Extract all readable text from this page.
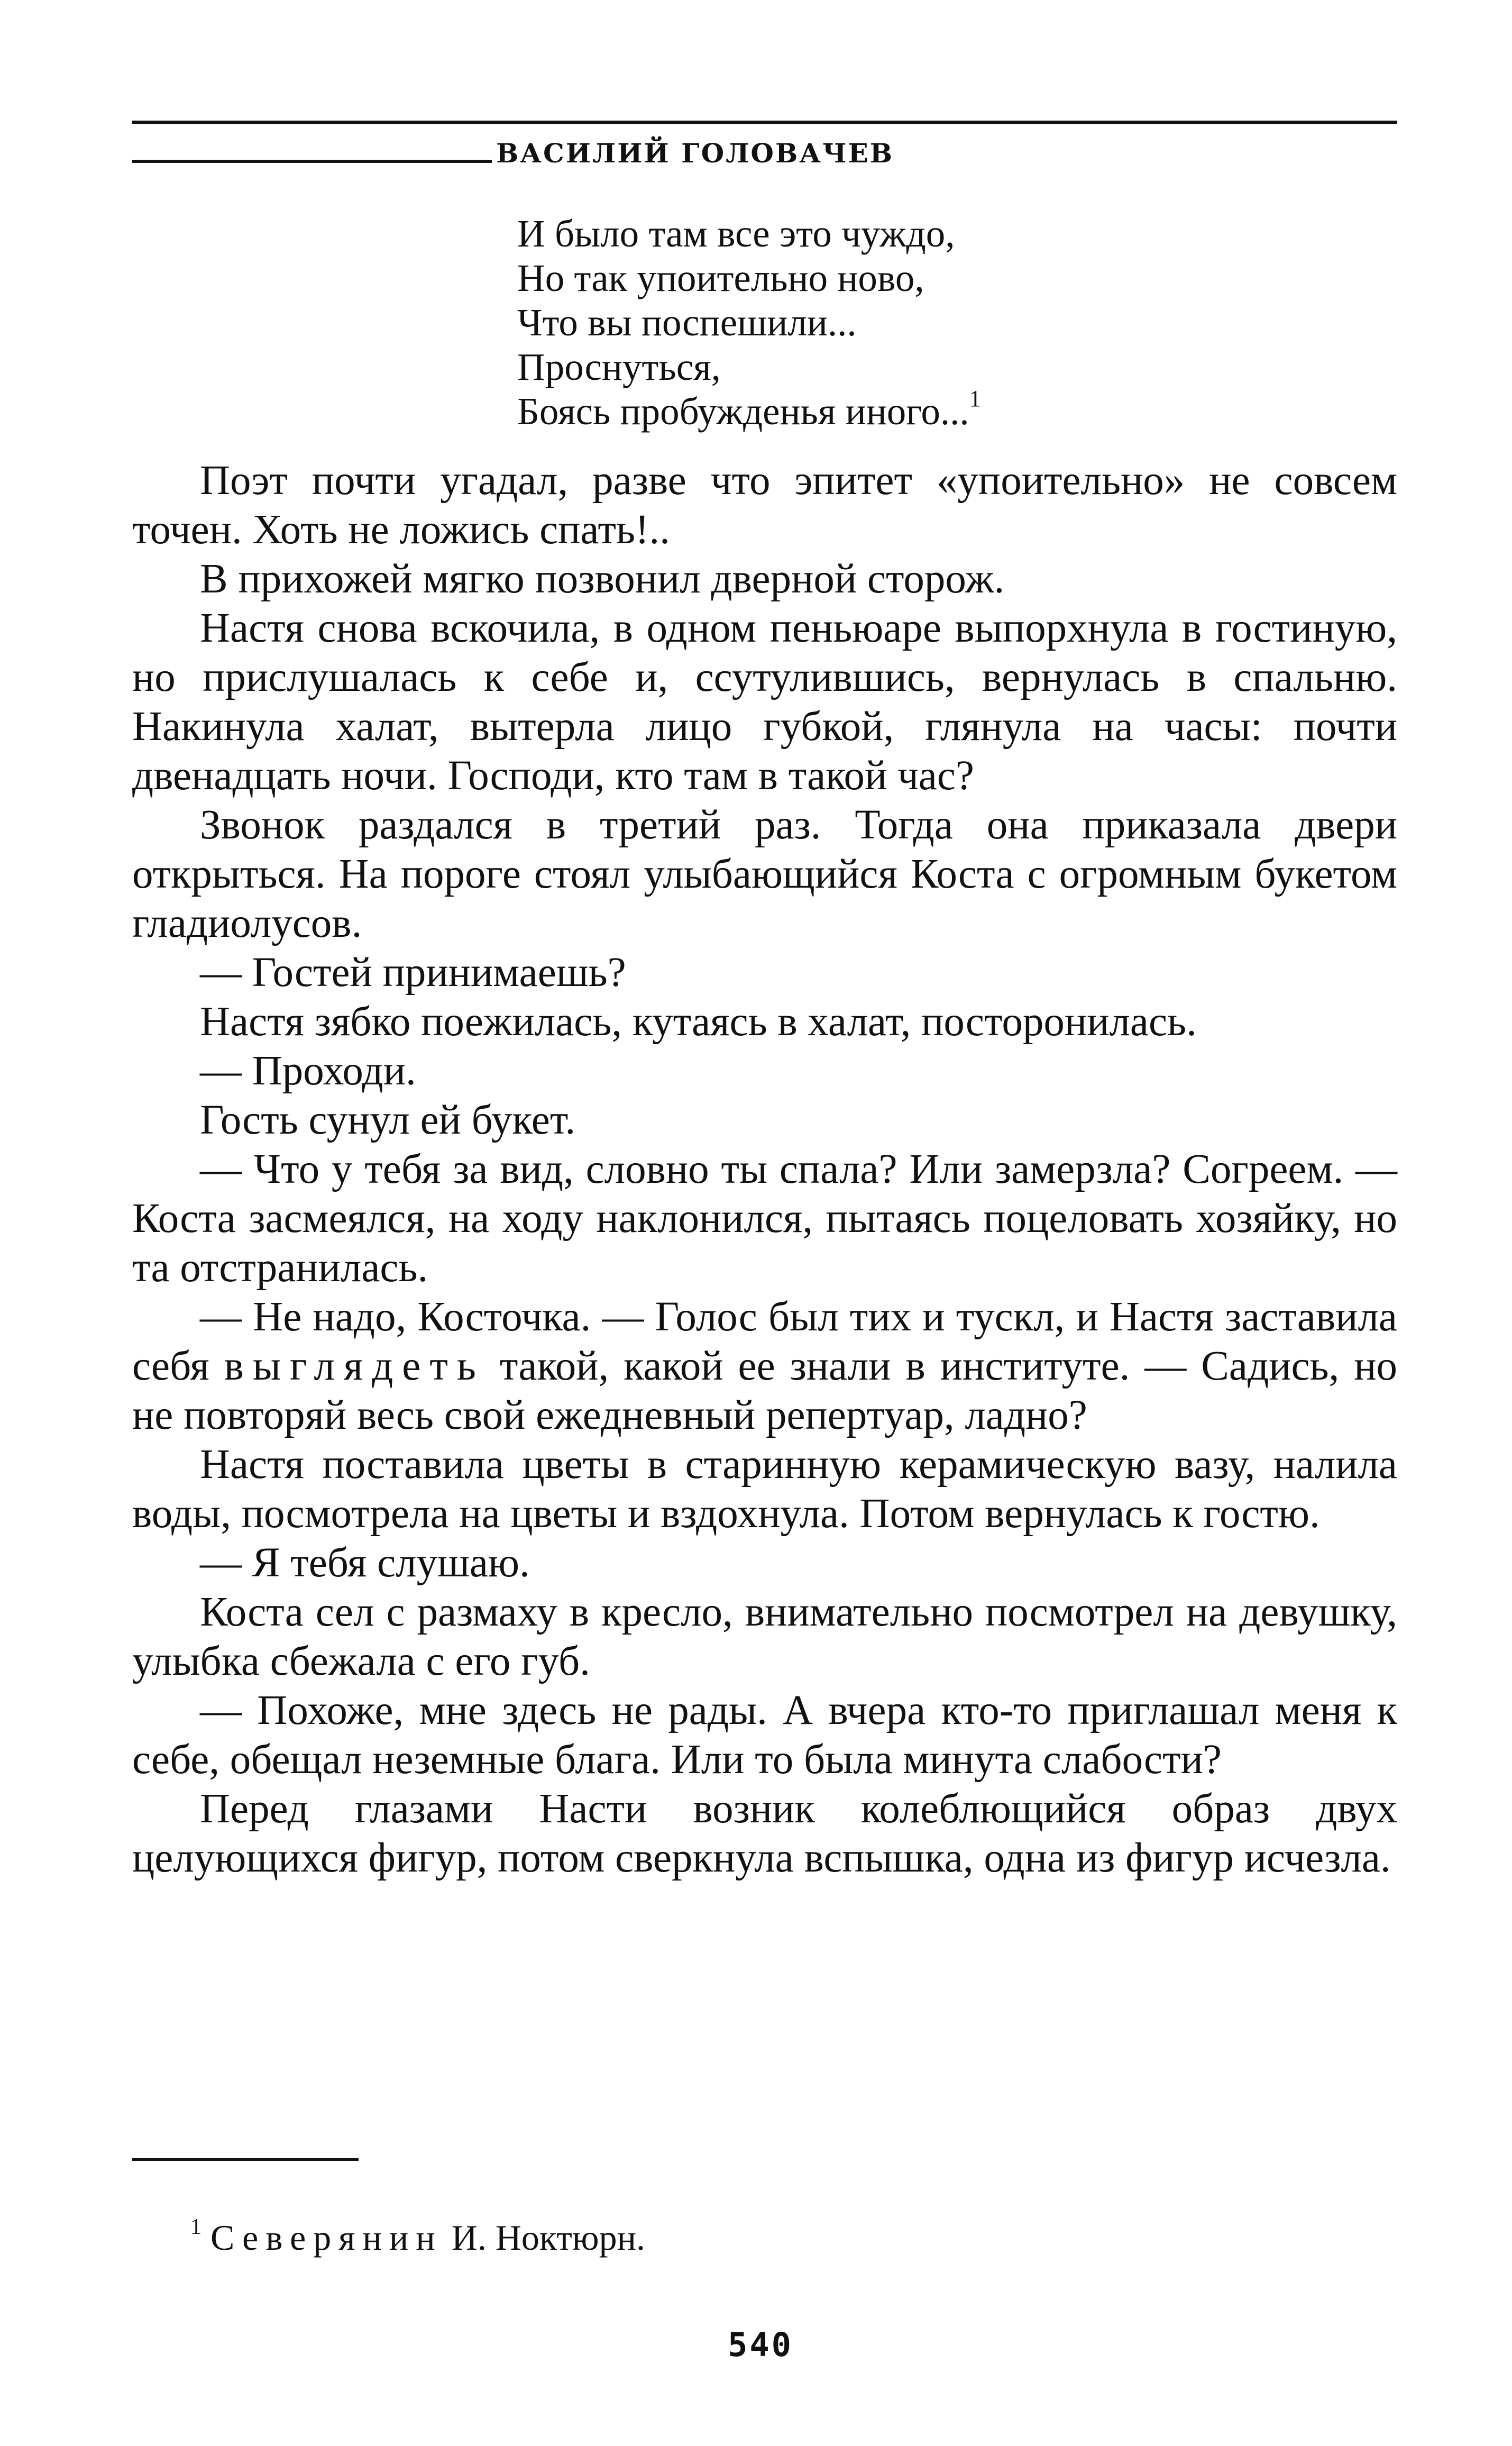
ВАСИЛИЙ ГОЛОВАЧЕВ
И было там все это чуждо,
Но так упоительно ново,
Что вы поспешили...
Проснуться,
Боясь пробужденья иного...$^1$

Поэт почти угадал, разве что эпитет «упоительно» не совсем точен. Хоть не ложись спать!..

В прихожей мягко позвонил дверной сторож.

Настя снова вскочила, в одном пеньюаре выпорхнула в гостиную, но прислушалась к себе и, ссутулившись, вернулась в спальню. Накинула халат, вытерла лицо губкой, глянула на часы: почти двенадцать ночи. Господи, кто там в такой час?

Звонок раздался в третий раз. Тогда она приказала двери открыться. На пороге стоял улыбающийся Коста с огромным букетом гладиолусов.

— Гостей принимаешь?

Настя зябко поежилась, кутаясь в халат, посторонилась.

— Проходи.

Гость сунул ей букет.

— Что у тебя за вид, словно ты спала? Или замерзла? Согреем. — Коста засмеялся, на ходу наклонился, пытаясь поцеловать хозяйку, но та отстранилась.

— Не надо, Косточка. — Голос был тих и тускл, и Настя заставила себя выглядеть такой, какой ее знали в институте. — Садись, но не повторяй весь свой ежедневный репертуар, ладно?

Настя поставила цветы в старинную керамическую вазу, налила воды, посмотрела на цветы и вздохнула. Потом вернулась к гостю.

— Я тебя слушаю.

Коста сел с размаху в кресло, внимательно посмотрел на девушку, улыбка сбежала с его губ.

— Похоже, мне здесь не рады. А вчера кто-то приглашал меня к себе, обещал неземные блага. Или то была минута слабости?

Перед глазами Насти возник колеблющийся образ двух целующихся фигур, потом сверкнула вспышка, одна из фигур исчезла.

$^1$ Северянин И. Ноктюрн.
540
